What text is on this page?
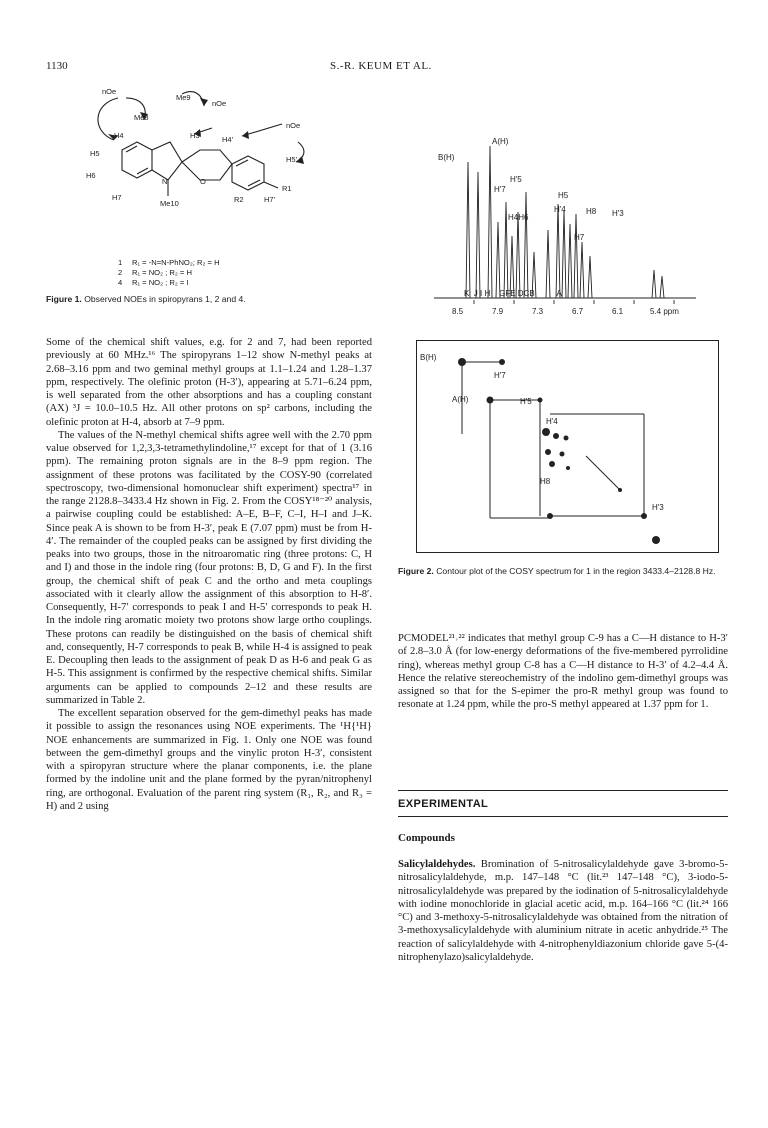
1130	S.-R. KEUM ET AL.
nOe
Me9
nOe
Me8
nOe
H4	H3'	H4'
H5
H5'
H6
N	O
R1
H7
Me10	R2	H7'
1 R₁ = -N=N-PhNO₂; R₂ = H
2 R₁ = NO₂ ; R₂ = H
4 R₁ = NO₂ ; R₂ = I
Figure 1. Observed NOEs in spiropyrans 1, 2 and 4.
K  J I H    GFE DCB          A
8.5	7.9	7.3	6.7	6.1	5.4 ppm
A(H)
B(H)
H'5
H'7
H5
H'4	H8 H'3
H4H6
H7
B(H)
H'7
A(H)	H'5
H'4
H8
H'3
Figure 2. Contour plot of the COSY spectrum for 1 in the region 3433.4–2128.8 Hz.

Some of the chemical shift values, e.g. for 2 and 7, had been reported previously at 60 MHz.¹⁶ The spiropyrans 1–12 show N-methyl peaks at 2.68–3.16 ppm and two geminal methyl groups at 1.1–1.24 and 1.28–1.37 ppm, respectively. The olefinic proton (H-3′), appearing at 5.71–6.24 ppm, is well separated from the other absorptions and has a coupling constant (AX) ³J = 10.0–10.5 Hz. All other protons on sp² carbons, including the olefinic proton at H-4, absorb at 7–9 ppm.

The values of the N-methyl chemical shifts agree well with the 2.70 ppm value observed for 1,2,3,3-tetramethylindoline,¹⁷ except for that of 1 (3.16 ppm). The remaining proton signals are in the 8–9 ppm region. The assignment of these protons was facilitated by the COSY-90 (correlated spectroscopy, two-dimensional homonuclear shift experiment) spectra¹⁷ in the range 2128.8–3433.4 Hz shown in Fig. 2. From the COSY¹⁸⁻²⁰ analysis, a pairwise coupling could be established: A–E, B–F, C–I, H–I and J–K. Since peak A is shown to be from H-3′, peak E (7.07 ppm) must be from H-4′. The remainder of the coupled peaks can be assigned by first dividing the peaks into two groups, those in the nitroaromatic ring (three protons: C, H and I) and those in the indole ring (four protons: B, D, G and F). In the first group, the chemical shift of peak C and the ortho and meta couplings associated with it clearly allow the assignment of this absorption to H-8′. Consequently, H-7′ corresponds to peak I and H-5′ corresponds to peak H. In the indole ring aromatic moiety two protons show large ortho couplings. These protons can readily be distinguished on the basis of chemical shift and, consequently, H-7 corresponds to peak B, while H-4 is assigned to peak E. Decoupling then leads to the assignment of peak D as H-6 and peak G as H-5. This assignment is confirmed by the respective chemical shifts. Similar arguments can be applied to compounds 2–12 and these results are summarized in Table 2.

The excellent separation observed for the gem-dimethyl peaks has made it possible to assign the resonances using NOE experiments. The ¹H{¹H} NOE enhancements are summarized in Fig. 1. Only one NOE was found between the gem-dimethyl groups and the vinylic proton H-3′, consistent with a spiropyran structure where the planar components, i.e. the plane formed by the indoline unit and the plane formed by the pyran/nitrophenyl ring, are orthogonal. Evaluation of the parent ring system (R₁, R₂, and R₃ = H) and 2 using

PCMODEL²¹˒²² indicates that methyl group C-9 has a C—H distance to H-3′ of 2.8–3.0 Å (for low-energy deformations of the five-membered pyrrolidine ring), whereas methyl group C-8 has a C—H distance to H-3′ of 4.2–4.4 Å. Hence the relative stereochemistry of the indolino gem-dimethyl groups was assigned so that for the S-epimer the pro-R methyl group was found to resonate at 1.24 ppm, while the pro-S methyl appeared at 1.37 ppm for 1.

EXPERIMENTAL
Compounds

Salicylaldehydes. Bromination of 5-nitrosalicylaldehyde gave 3-bromo-5-nitrosalicylaldehyde, m.p. 147–148 °C (lit.²³ 147–148 °C), 3-iodo-5-nitrosalicylaldehyde was prepared by the iodination of 5-nitrosalicylaldehyde with iodine monochloride in glacial acetic acid, m.p. 164–166 °C (lit.²⁴ 166 °C) and 3-methoxy-5-nitrosalicylaldehyde was obtained from the nitration of 3-methoxysalicylaldehyde with aluminium nitrate in acetic anhydride.²⁵ The reaction of salicylaldehyde with 4-nitrophenyldiazonium chloride gave 5-(4-nitrophenylazo)salicylaldehyde.
